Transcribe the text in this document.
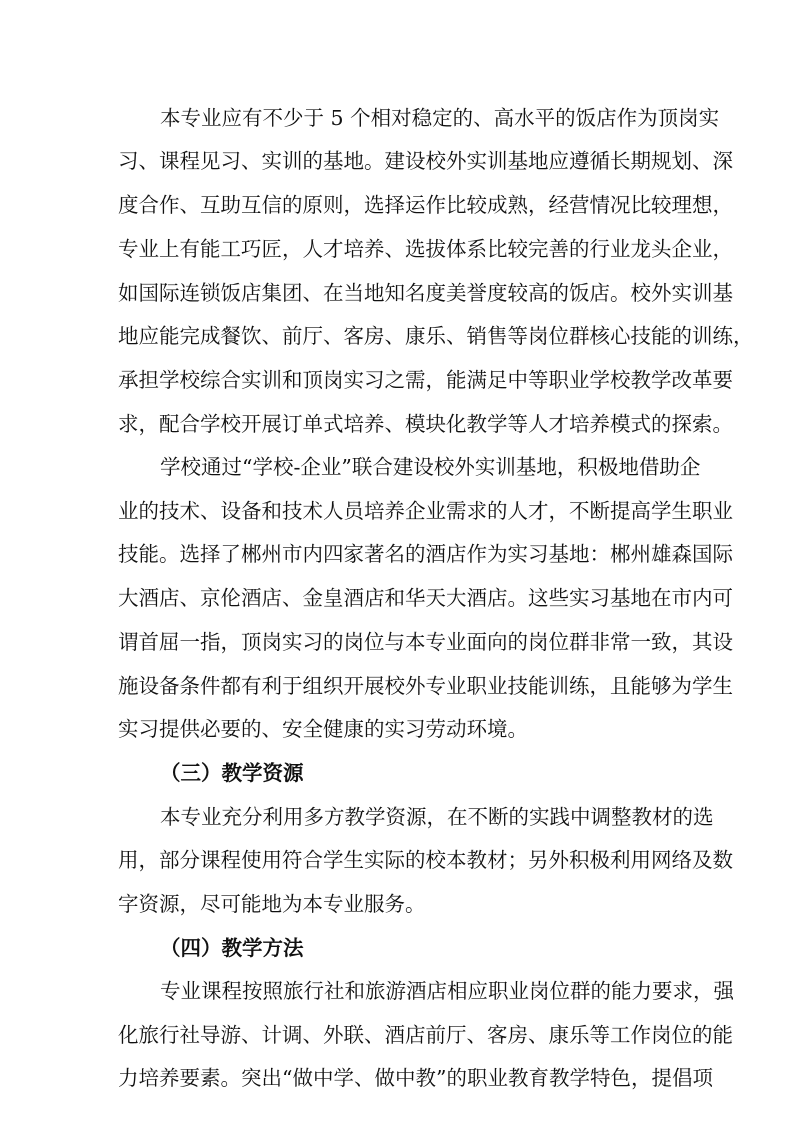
本专业应有不少于 5 个相对稳定的、高水平的饭店作为顶岗实
习、课程见习、实训的基地。建设校外实训基地应遵循长期规划、深
度合作、互助互信的原则，选择运作比较成熟，经营情况比较理想，
专业上有能工巧匠，人才培养、选拔体系比较完善的行业龙头企业，
如国际连锁饭店集团、在当地知名度美誉度较高的饭店。校外实训基
地应能完成餐饮、前厅、客房、康乐、销售等岗位群核心技能的训练，
承担学校综合实训和顶岗实习之需，能满足中等职业学校教学改革要
求，配合学校开展订单式培养、模块化教学等人才培养模式的探索。
学校通过“学校-企业”联合建设校外实训基地，积极地借助企
业的技术、设备和技术人员培养企业需求的人才，不断提高学生职业
技能。选择了郴州市内四家著名的酒店作为实习基地：郴州雄森国际
大酒店、京伦酒店、金皇酒店和华天大酒店。这些实习基地在市内可
谓首屈一指，顶岗实习的岗位与本专业面向的岗位群非常一致，其设
施设备条件都有利于组织开展校外专业职业技能训练，且能够为学生
实习提供必要的、安全健康的实习劳动环境。
（三）教学资源
本专业充分利用多方教学资源，在不断的实践中调整教材的选
用，部分课程使用符合学生实际的校本教材；另外积极利用网络及数
字资源，尽可能地为本专业服务。
（四）教学方法
专业课程按照旅行社和旅游酒店相应职业岗位群的能力要求，强
化旅行社导游、计调、外联、酒店前厅、客房、康乐等工作岗位的能
力培养要素。突出“做中学、做中教”的职业教育教学特色，提倡项
